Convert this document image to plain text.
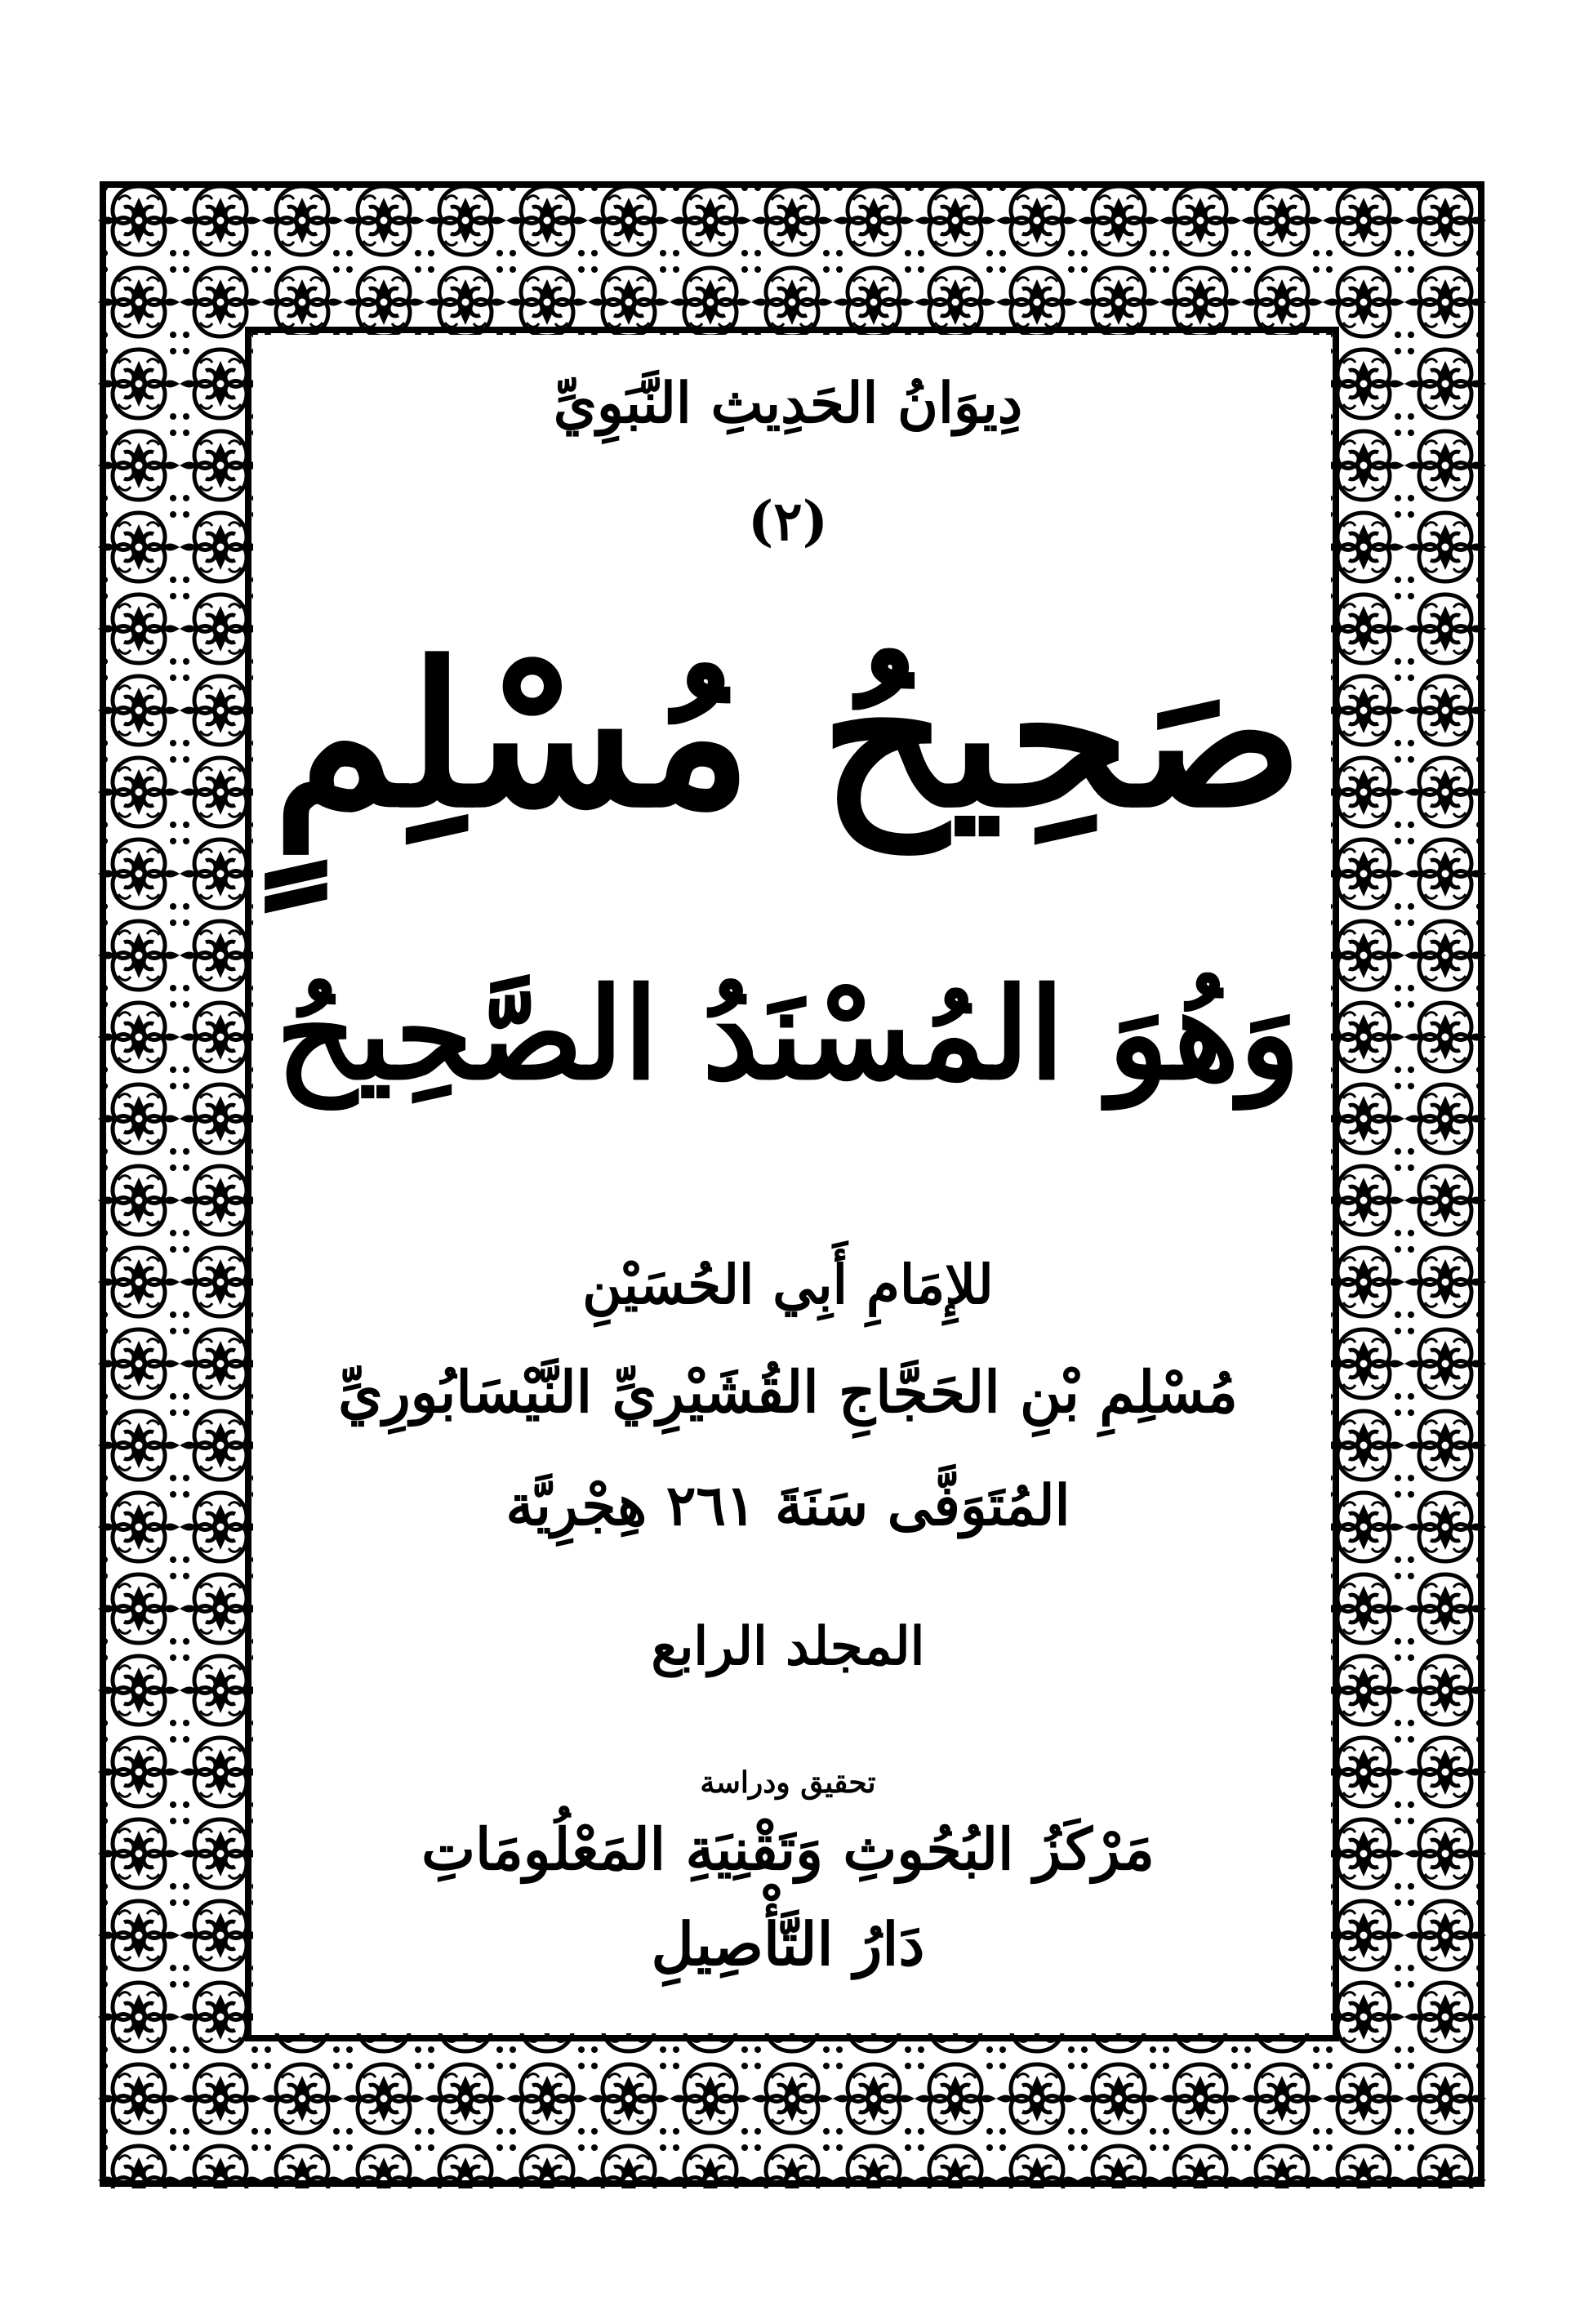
دِيوَانُ الحَدِيثِ النَّبَوِيِّ
(٢)
صَحِيحُ مُسْلِمٍ
وَهُوَ المُسْنَدُ الصَّحِيحُ
للإِمَامِ أَبِي الحُسَيْنِ
مُسْلِمِ بْنِ الحَجَّاجِ القُشَيْرِيِّ النَّيْسَابُورِيِّ
المُتَوَفَّى سَنَةَ ٢٦١ هِجْرِيَّة
المجلد الرابع
تحقيق ودراسة
مَرْكَزُ البُحُوثِ وَتَقْنِيَةِ المَعْلُومَاتِ
دَارُ التَّأْصِيلِ
